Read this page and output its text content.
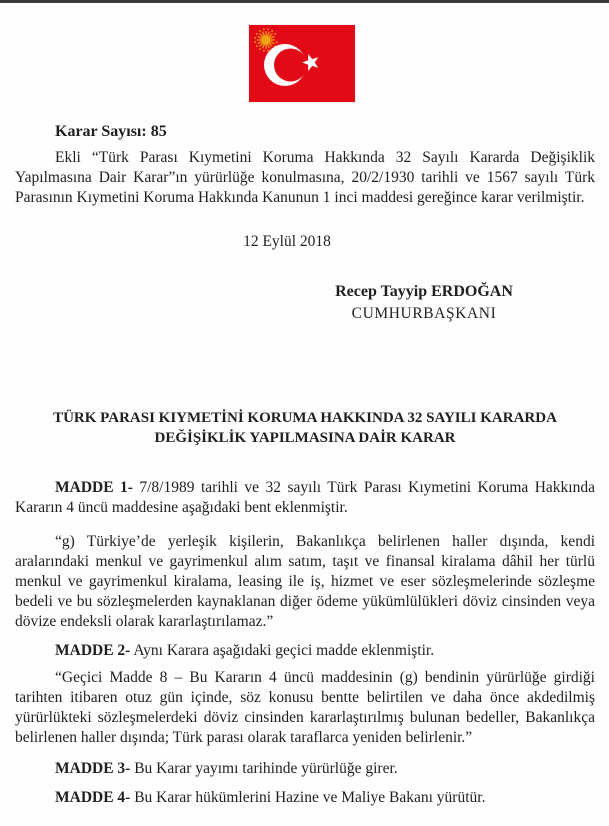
Karar Sayısı: 85

Ekli “Türk Parası Kıymetini Koruma Hakkında 32 Sayılı Kararda Değişiklik Yapılmasına Dair Karar”ın yürürlüğe konulmasına, 20/2/1930 tarihli ve 1567 sayılı Türk Parasının Kıymetini Koruma Hakkında Kanunun 1 inci maddesi gereğince karar verilmiştir.

12 Eylül 2018

Recep Tayyip ERDOĞAN

CUMHURBAŞKANI

TÜRK PARASI KIYMETİNİ KORUMA HAKKINDA 32 SAYILI KARARDA

DEĞİŞİKLİK YAPILMASINA DAİR KARAR

MADDE 1- 7/8/1989 tarihli ve 32 sayılı Türk Parası Kıymetini Koruma Hakkında Kararın 4 üncü maddesine aşağıdaki bent eklenmiştir.

“g) Türkiye’de yerleşik kişilerin, Bakanlıkça belirlenen haller dışında, kendi aralarındaki menkul ve gayrimenkul alım satım, taşıt ve finansal kiralama dâhil her türlü menkul ve gayrimenkul kiralama, leasing ile iş, hizmet ve eser sözleşmelerinde sözleşme bedeli ve bu sözleşmelerden kaynaklanan diğer ödeme yükümlülükleri döviz cinsinden veya dövize endeksli olarak kararlaştırılamaz.”

MADDE 2- Aynı Karara aşağıdaki geçici madde eklenmiştir.

“Geçici Madde 8 – Bu Kararın 4 üncü maddesinin (g) bendinin yürürlüğe girdiği tarihten itibaren otuz gün içinde, söz konusu bentte belirtilen ve daha önce akdedilmiş yürürlükteki sözleşmelerdeki döviz cinsinden kararlaştırılmış bulunan bedeller, Bakanlıkça belirlenen haller dışında; Türk parası olarak taraflarca yeniden belirlenir.”

MADDE 3- Bu Karar yayımı tarihinde yürürlüğe girer.

MADDE 4- Bu Karar hükümlerini Hazine ve Maliye Bakanı yürütür.
